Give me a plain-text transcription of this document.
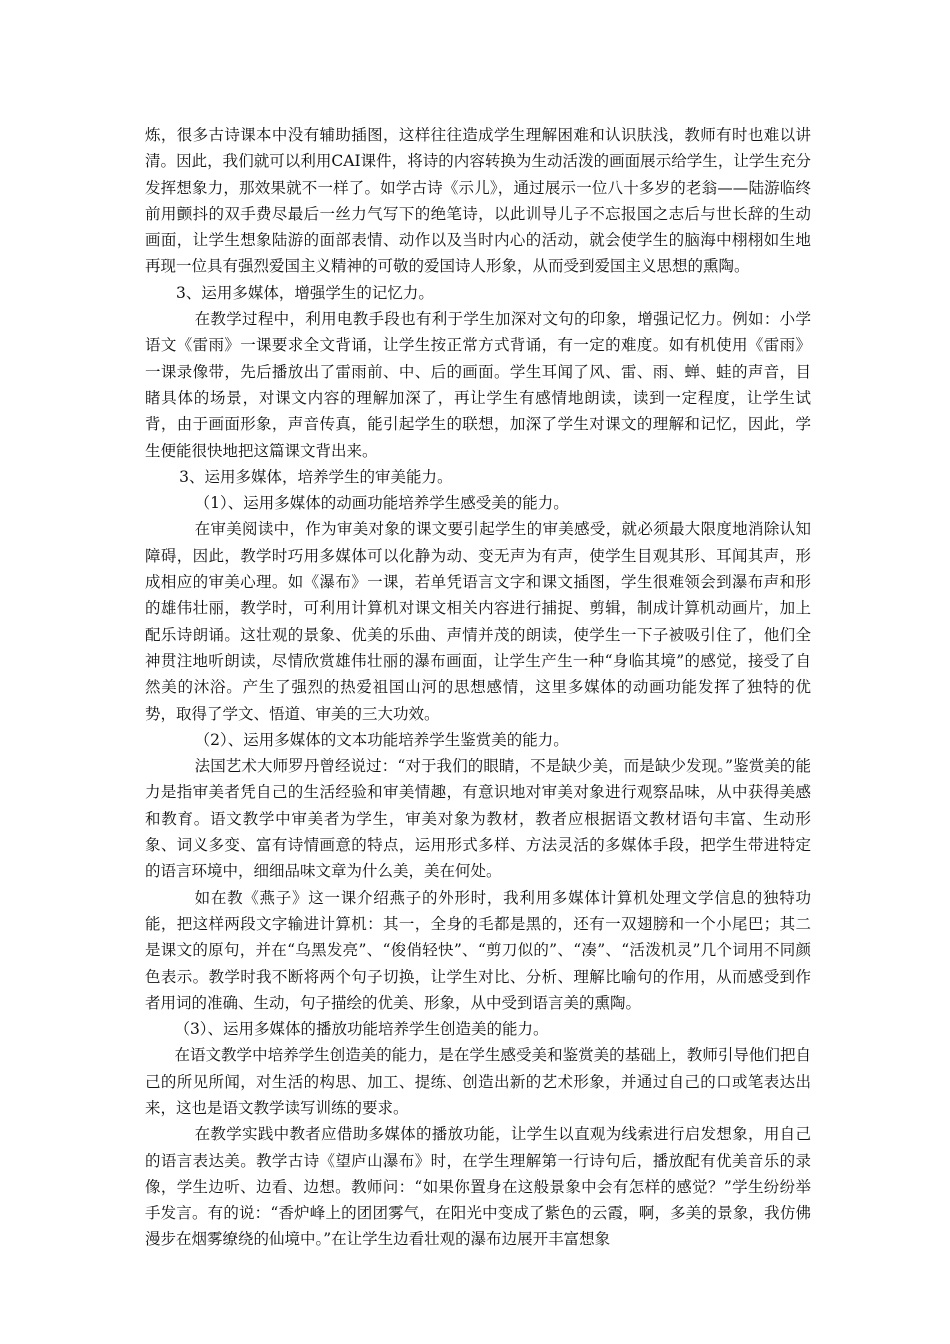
炼，很多古诗课本中没有辅助插图，这样往往造成学生理解困难和认识肤浅，教师有时也难以讲清。因此，我们就可以利用CAI课件，将诗的内容转换为生动活泼的画面展示给学生，让学生充分发挥想象力，那效果就不一样了。如学古诗《示儿》，通过展示一位八十多岁的老翁——陆游临终前用颤抖的双手费尽最后一丝力气写下的绝笔诗，以此训导儿子不忘报国之志后与世长辞的生动画面，让学生想象陆游的面部表情、动作以及当时内心的活动，就会使学生的脑海中栩栩如生地再现一位具有强烈爱国主义精神的可敬的爱国诗人形象，从而受到爱国主义思想的熏陶。

3、运用多媒体，增强学生的记忆力。

在教学过程中，利用电教手段也有利于学生加深对文句的印象，增强记忆力。例如：小学语文《雷雨》一课要求全文背诵，让学生按正常方式背诵，有一定的难度。如有机使用《雷雨》一课录像带，先后播放出了雷雨前、中、后的画面。学生耳闻了风、雷、雨、蝉、蛙的声音，目睹具体的场景，对课文内容的理解加深了，再让学生有感情地朗读，读到一定程度，让学生试背，由于画面形象，声音传真，能引起学生的联想，加深了学生对课文的理解和记忆，因此，学生便能很快地把这篇课文背出来。

3、运用多媒体，培养学生的审美能力。

（1）、运用多媒体的动画功能培养学生感受美的能力。

在审美阅读中，作为审美对象的课文要引起学生的审美感受，就必须最大限度地消除认知障碍，因此，教学时巧用多媒体可以化静为动、变无声为有声，使学生目观其形、耳闻其声，形成相应的审美心理。如《瀑布》一课，若单凭语言文字和课文插图，学生很难领会到瀑布声和形的雄伟壮丽，教学时，可利用计算机对课文相关内容进行捕捉、剪辑，制成计算机动画片，加上配乐诗朗诵。这壮观的景象、优美的乐曲、声情并茂的朗读，使学生一下子被吸引住了，他们全神贯注地听朗读，尽情欣赏雄伟壮丽的瀑布画面，让学生产生一种“身临其境”的感觉，接受了自然美的沐浴。产生了强烈的热爱祖国山河的思想感情，这里多媒体的动画功能发挥了独特的优势，取得了学文、悟道、审美的三大功效。

（2）、运用多媒体的文本功能培养学生鉴赏美的能力。

法国艺术大师罗丹曾经说过：“对于我们的眼睛，不是缺少美，而是缺少发现。”鉴赏美的能力是指审美者凭自己的生活经验和审美情趣，有意识地对审美对象进行观察品味，从中获得美感和教育。语文教学中审美者为学生，审美对象为教材，教者应根据语文教材语句丰富、生动形象、词义多变、富有诗情画意的特点，运用形式多样、方法灵活的多媒体手段，把学生带进特定的语言环境中，细细品味文章为什么美，美在何处。

如在教《燕子》这一课介绍燕子的外形时，我利用多媒体计算机处理文学信息的独特功能，把这样两段文字输进计算机：其一，全身的毛都是黑的，还有一双翅膀和一个小尾巴；其二是课文的原句，并在“乌黑发亮”、“俊俏轻快”、“剪刀似的”、“凑”、“活泼机灵”几个词用不同颜色表示。教学时我不断将两个句子切换，让学生对比、分析、理解比喻句的作用，从而感受到作者用词的准确、生动，句子描绘的优美、形象，从中受到语言美的熏陶。

（3）、运用多媒体的播放功能培养学生创造美的能力。

在语文教学中培养学生创造美的能力，是在学生感受美和鉴赏美的基础上，教师引导他们把自己的所见所闻，对生活的构思、加工、提练、创造出新的艺术形象，并通过自己的口或笔表达出来，这也是语文教学读写训练的要求。

在教学实践中教者应借助多媒体的播放功能，让学生以直观为线索进行启发想象，用自己的语言表达美。教学古诗《望庐山瀑布》时，在学生理解第一行诗句后，播放配有优美音乐的录像，学生边听、边看、边想。教师问：“如果你置身在这般景象中会有怎样的感觉？”学生纷纷举手发言。有的说：“香炉峰上的团团雾气，在阳光中变成了紫色的云霞，啊，多美的景象，我仿佛漫步在烟雾缭绕的仙境中。”在让学生边看壮观的瀑布边展开丰富想象
